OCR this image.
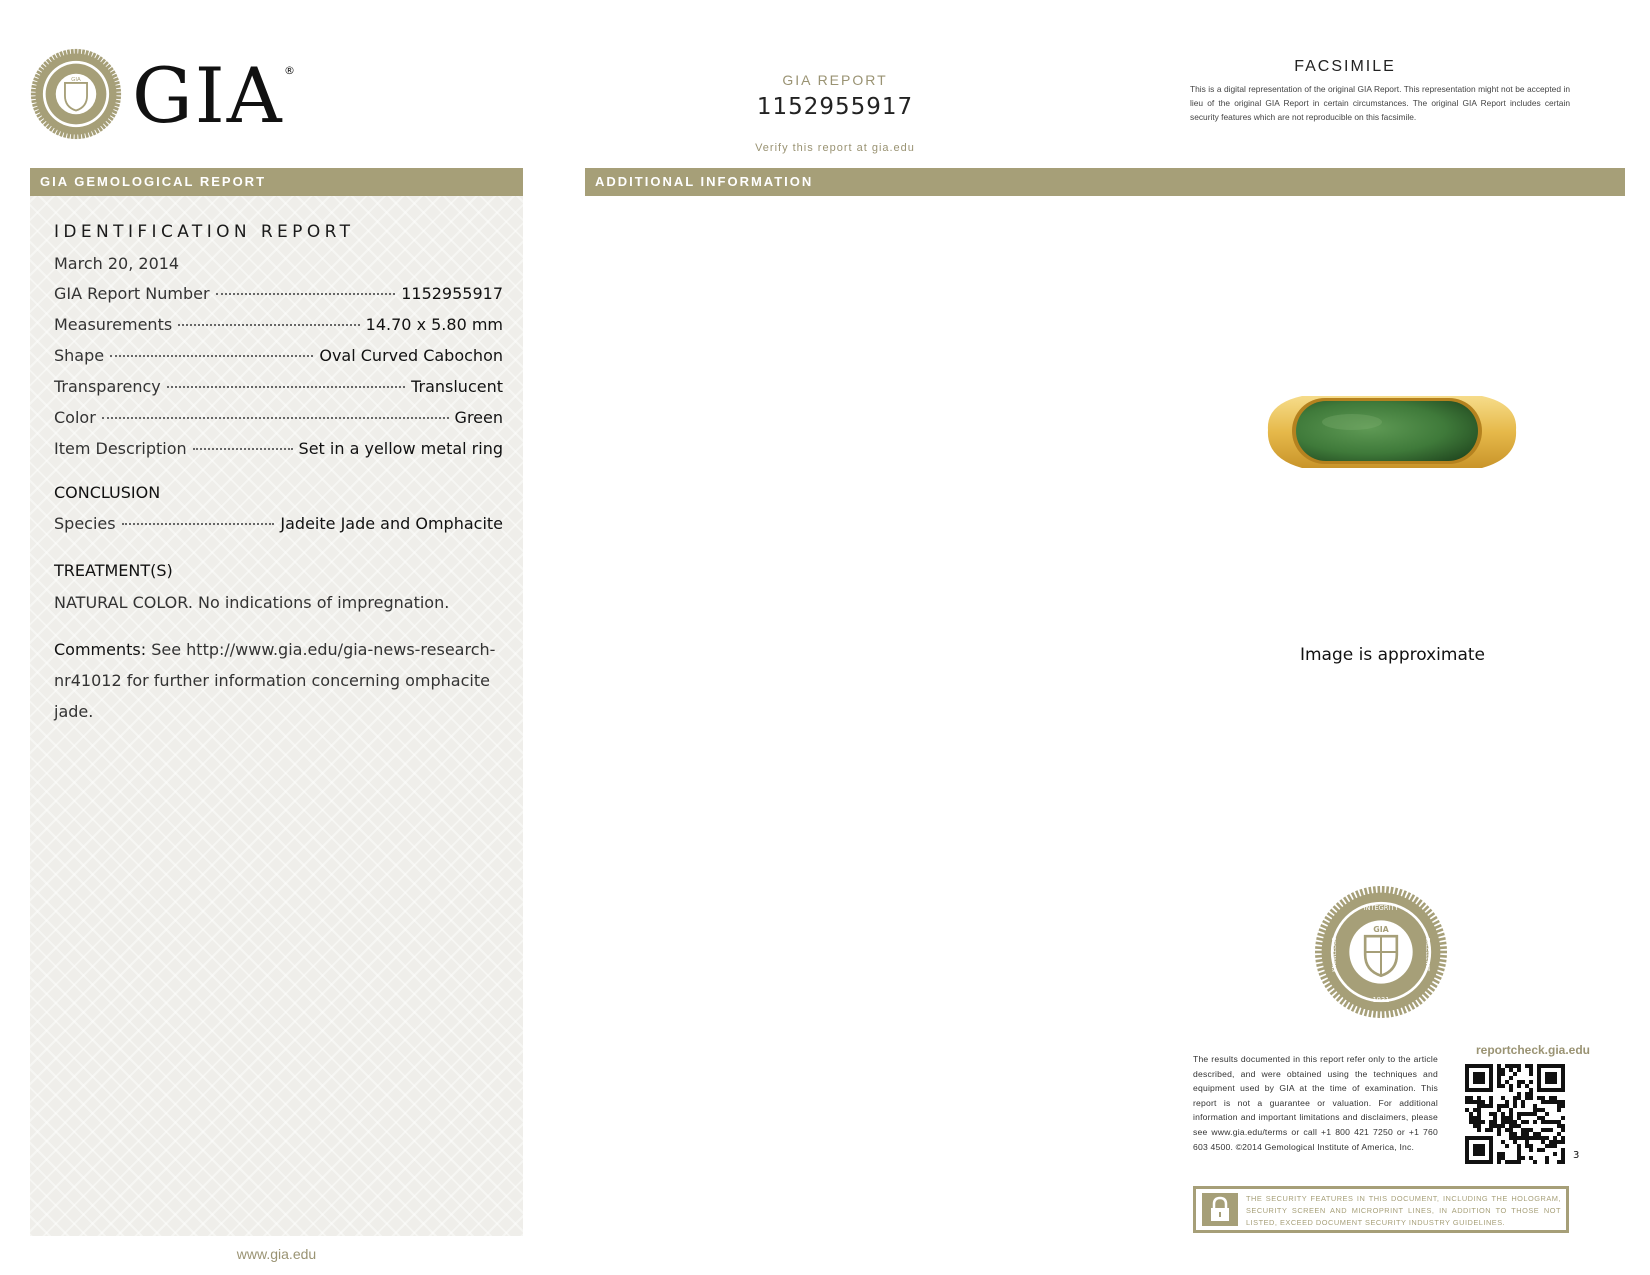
GIA GIA ®
GIA REPORT
1152955917
Verify this report at gia.edu
FACSIMILE
This is a digital representation of the original GIA Report. This representation might not be accepted in lieu of the original GIA Report in certain circumstances. The original GIA Report includes certain security features which are not reproducible on this facsimile.
GIA GEMOLOGICAL REPORT	ADDITIONAL INFORMATION
IDENTIFICATION REPORT
March 20, 2014
GIA Report Number	1152955917
Measurements	14.70 x 5.80 mm
Shape	Oval Curved Cabochon
Transparency	Translucent
Color	Green
Item Description	Set in a yellow metal ring
CONCLUSION
Species	Jadeite Jade and Omphacite
TREATMENT(S)
NATURAL COLOR. No indications of impregnation.
Comments: See http://www.gia.edu/gia-news-research-nr41012 for further information concerning omphacite jade.
www.gia.edu
Image is approximate
INTEGRITY
1931
KNOWLEDGE	EXCELLENCE
GIA
The results documented in this report refer only to the article described, and were obtained using the techniques and equipment used by GIA at the time of examination. This report is not a guarantee or valuation. For additional information and important limitations and disclaimers, please see www.gia.edu/terms or call +1 800 421 7250 or +1 760 603 4500. ©2014 Gemological Institute of America, Inc.
reportcheck.gia.edu
3
THE SECURITY FEATURES IN THIS DOCUMENT, INCLUDING THE HOLOGRAM, SECURITY SCREEN AND MICROPRINT LINES, IN ADDITION TO THOSE NOT LISTED, EXCEED DOCUMENT SECURITY INDUSTRY GUIDELINES.
